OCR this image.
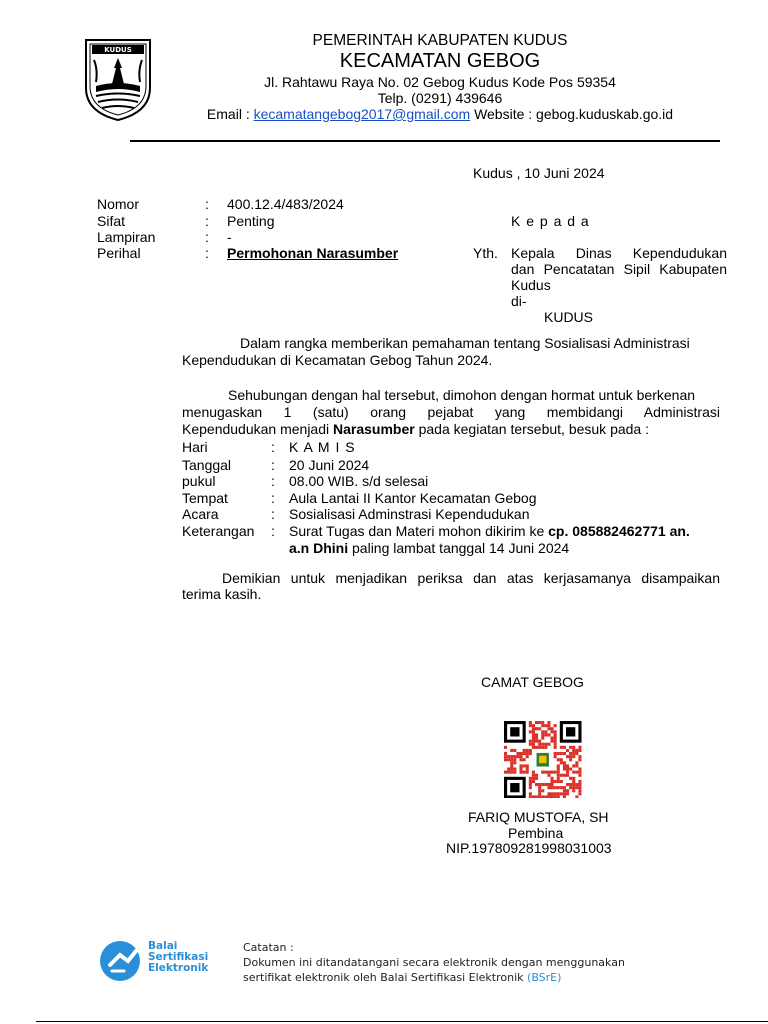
KUDUS
PEMERINTAH KABUPATEN KUDUS
KECAMATAN GEBOG
Jl. Rahtawu Raya No. 02 Gebog Kudus Kode Pos 59354
Telp. (0291) 439646
Email : kecamatangebog2017@gmail.com Website : gebog.kuduskab.go.id
Kudus , 10 Juni 2024
Nomor	: 400.12.4/483/2024
Sifat	: Penting
Lampiran	: -
Perihal	: Permohonan Narasumber
K e p a d a
Yth. Kepala Dinas Kependudukan
dan Pencatatan Sipil Kabupaten
Kudus
di-
KUDUS
Dalam rangka memberikan pemahaman tentang Sosialisasi Administrasi
Kependudukan di Kecamatan Gebog Tahun 2024.
Sehubungan dengan hal tersebut, dimohon dengan hormat untuk berkenan
menugaskan 1 (satu) orang pejabat yang membidangi Administrasi
Kependudukan menjadi Narasumber pada kegiatan tersebut, besuk pada :
Hari	: K A M I S
Tanggal	: 20 Juni 2024
pukul	: 08.00 WIB. s/d selesai
Tempat	: Aula Lantai II Kantor Kecamatan Gebog
Acara	: Sosialisasi Adminstrasi Kependudukan
Keterangan : Surat Tugas dan Materi mohon dikirim ke cp. 085882462771 an.
a.n Dhini paling lambat tanggal 14 Juni 2024
Demikian untuk menjadikan periksa dan atas kerjasamanya disampaikan
terima kasih.
CAMAT GEBOG
FARIQ MUSTOFA, SH
Pembina
NIP.197809281998031003
Balai
Sertifikasi
Elektronik
Catatan :
Dokumen ini ditandatangani secara elektronik dengan menggunakan
sertifikat elektronik oleh Balai Sertifikasi Elektronik (BSrE)
